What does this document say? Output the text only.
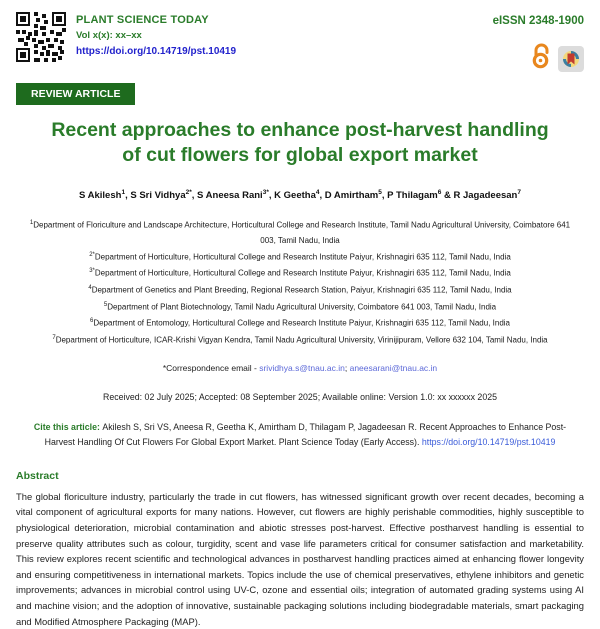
PLANT SCIENCE TODAY
Vol x(x): xx–xx
https://doi.org/10.14719/pst.10419
eISSN 2348-1900
REVIEW ARTICLE
Recent approaches to enhance post-harvest handling of cut flowers for global export market
S Akilesh$^1$, S Sri Vidhya$^{2*}$, S Aneesa Rani$^{3*}$, K Geetha$^4$, D Amirtham$^5$, P Thilagam$^6$ & R Jagadeesan$^7$
$^1$Department of Floriculture and Landscape Architecture, Horticultural College and Research Institute, Tamil Nadu Agricultural University, Coimbatore 641 003, Tamil Nadu, India
$^{2*}$Department of Horticulture, Horticultural College and Research Institute Paiyur, Krishnagiri 635 112, Tamil Nadu, India
$^{3*}$Department of Horticulture, Horticultural College and Research Institute Paiyur, Krishnagiri 635 112, Tamil Nadu, India
$^4$Department of Genetics and Plant Breeding, Regional Research Station, Paiyur, Krishnagiri 635 112, Tamil Nadu, India
$^5$Department of Plant Biotechnology, Tamil Nadu Agricultural University, Coimbatore 641 003, Tamil Nadu, India
$^6$Department of Entomology, Horticultural College and Research Institute Paiyur, Krishnagiri 635 112, Tamil Nadu, India
$^7$Department of Horticulture, ICAR-Krishi Vigyan Kendra, Tamil Nadu Agricultural University, Virinijipuram, Vellore 632 104, Tamil Nadu, India
*Correspondence email - srividhya.s@tnau.ac.in; aneesarani@tnau.ac.in
Received: 02 July 2025; Accepted: 08 September 2025; Available online: Version 1.0: xx xxxxxx 2025
Cite this article: Akilesh S, Sri VS, Aneesa R, Geetha K, Amirtham D, Thilagam P, Jagadeesan R. Recent Approaches to Enhance Post-Harvest Handling Of Cut Flowers For Global Export Market. Plant Science Today (Early Access). https://doi.org/10.14719/pst.10419
Abstract

The global floriculture industry, particularly the trade in cut flowers, has witnessed significant growth over recent decades, becoming a vital component of agricultural exports for many nations. However, cut flowers are highly perishable commodities, highly susceptible to physiological deterioration, microbial contamination and abiotic stresses post-harvest. Effective postharvest handling is essential to preserve quality attributes such as colour, turgidity, scent and vase life parameters critical for consumer satisfaction and marketability. This review explores recent scientific and technological advances in postharvest handling practices aimed at enhancing flower longevity and ensuring competitiveness in international markets. Topics include the use of chemical preservatives, ethylene inhibitors and genetic improvements; advances in microbial control using UV-C, ozone and essential oils; integration of automated grading systems using AI and machine vision; and the adoption of innovative, sustainable packaging solutions including biodegradable materials, smart packaging and Modified Atmosphere Packaging (MAP).
